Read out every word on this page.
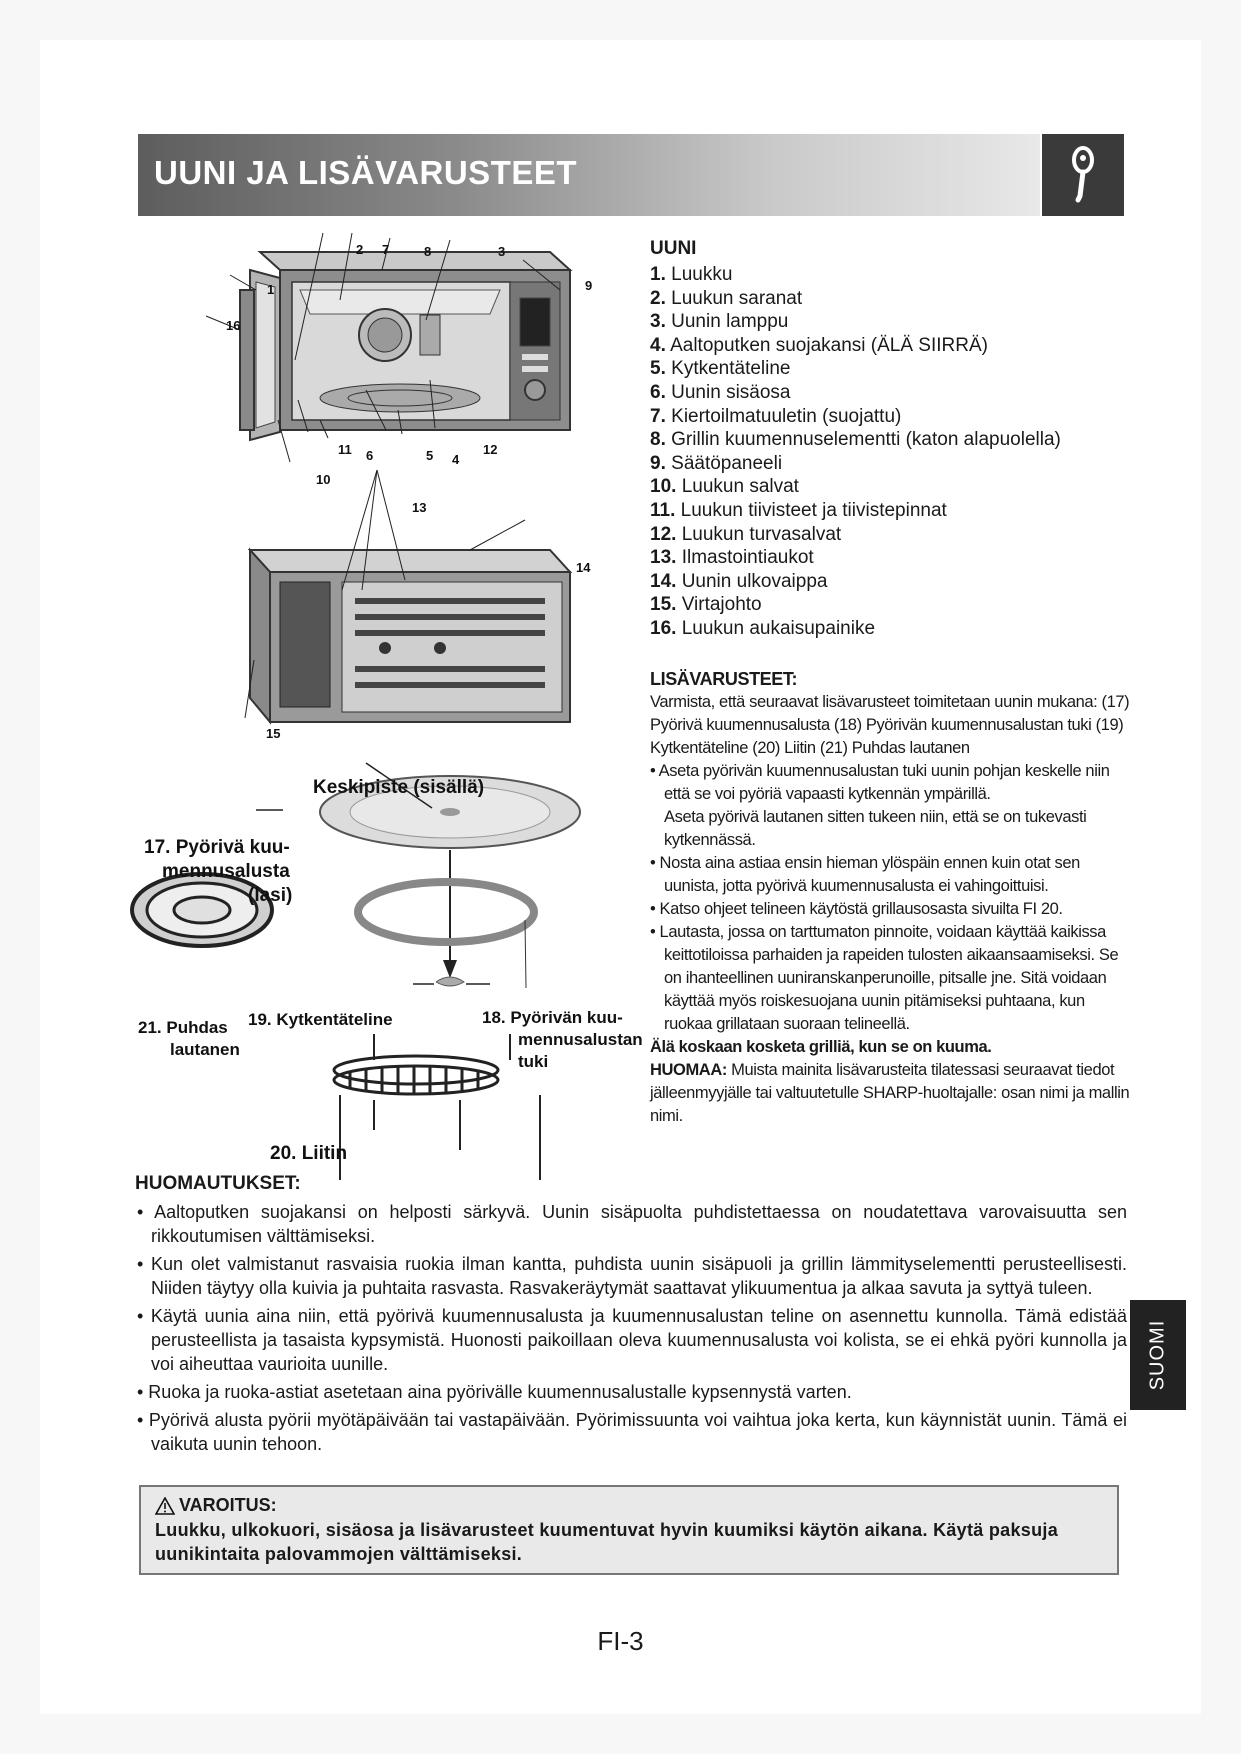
UUNI JA LISÄVARUSTEET
1
2 7	8	3
9
16
11 6	5 4
12
10
13
14
15
Keskipiste (sisällä)
17. Pyörivä kuu-
mennusalusta
(lasi)
21. Puhdas
lautanen
19. Kytkentäteline	18. Pyörivän kuu-
mennusalustan
tuki
20. Liitin

UUNI

1. Luukku
2. Luukun saranat
3. Uunin lamppu
4. Aaltoputken suojakansi (ÄLÄ SIIRRÄ)
5. Kytkentäteline
6. Uunin sisäosa
7. Kiertoilmatuuletin (suojattu)
8. Grillin kuumennuselementti (katon alapuolella)
9. Säätöpaneeli
10. Luukun salvat
11. Luukun tiivisteet ja tiivistepinnat
12. Luukun turvasalvat
13. Ilmastointiaukot
14. Uunin ulkovaippa
15. Virtajohto
16. Luukun aukaisupainike

LISÄVARUSTEET:

Varmista, että seuraavat lisävarusteet toimitetaan uunin mukana: (17) Pyörivä kuumennusalusta (18) Pyörivän kuumennusalustan tuki (19) Kytkentäteline (20) Liitin (21) Puhdas lautanen

• Aseta pyörivän kuumennusalustan tuki uunin pohjan keskelle niin että se voi pyöriä vapaasti kytkennän ympärillä.

Aseta pyörivä lautanen sitten tukeen niin, että se on tukevasti kytkennässä.

• Nosta aina astiaa ensin hieman ylöspäin ennen kuin otat sen uunista, jotta pyörivä kuumennusalusta ei vahingoittuisi.

• Katso ohjeet telineen käytöstä grillausosasta sivuilta FI 20.

• Lautasta, jossa on tarttumaton pinnoite, voidaan käyttää kaikissa keittotiloissa parhaiden ja rapeiden tulosten aikaansaamiseksi. Se on ihanteellinen uuniranskanperunoille, pitsalle jne. Sitä voidaan käyttää myös roiskesuojana uunin pitämiseksi puhtaana, kun ruokaa grillataan suoraan telineellä.

Älä koskaan kosketa grilliä, kun se on kuuma.

HUOMAA: Muista mainita lisävarusteita tilatessasi seuraavat tiedot jälleenmyyjälle tai valtuutetulle SHARP-huoltajalle: osan nimi ja mallin nimi.

HUOMAUTUKSET:

• Aaltoputken suojakansi on helposti särkyvä. Uunin sisäpuolta puhdistettaessa on noudatettava varovaisuutta sen rikkoutumisen välttämiseksi.

• Kun olet valmistanut rasvaisia ruokia ilman kanttа, puhdista uunin sisäpuoli ja grillin lämmityselementti perusteellisesti. Niiden täytyy olla kuivia ja puhtaita rasvasta. Rasvakeräytymät saattavat ylikuumentua ja alkaa savuta ja syttyä tuleen.

• Käytä uunia aina niin, että pyörivä kuumennusalusta ja kuumennusalustan teline on asennettu kunnolla. Tämä edistää perusteellista ja tasaista kypsymistä. Huonosti paikoillaan oleva kuumennusalusta voi kolista, se ei ehkä pyöri kunnolla ja voi aiheuttaa vaurioita uunille.

• Ruoka ja ruoka-astiat asetetaan aina pyörivälle kuumennusalustalle kypsennystä varten.

• Pyörivä alusta pyörii myötäpäivään tai vastapäivään. Pyörimissuunta voi vaihtua joka kerta, kun käynnistät uunin. Tämä ei vaikuta uunin tehoon.

VAROITUS:
Luukku, ulkokuori, sisäosa ja lisävarusteet kuumentuvat hyvin kuumiksi käytön aikana. Käytä paksuja uunikintaita palovammojen välttämiseksi.
SUOMI
FI-3
